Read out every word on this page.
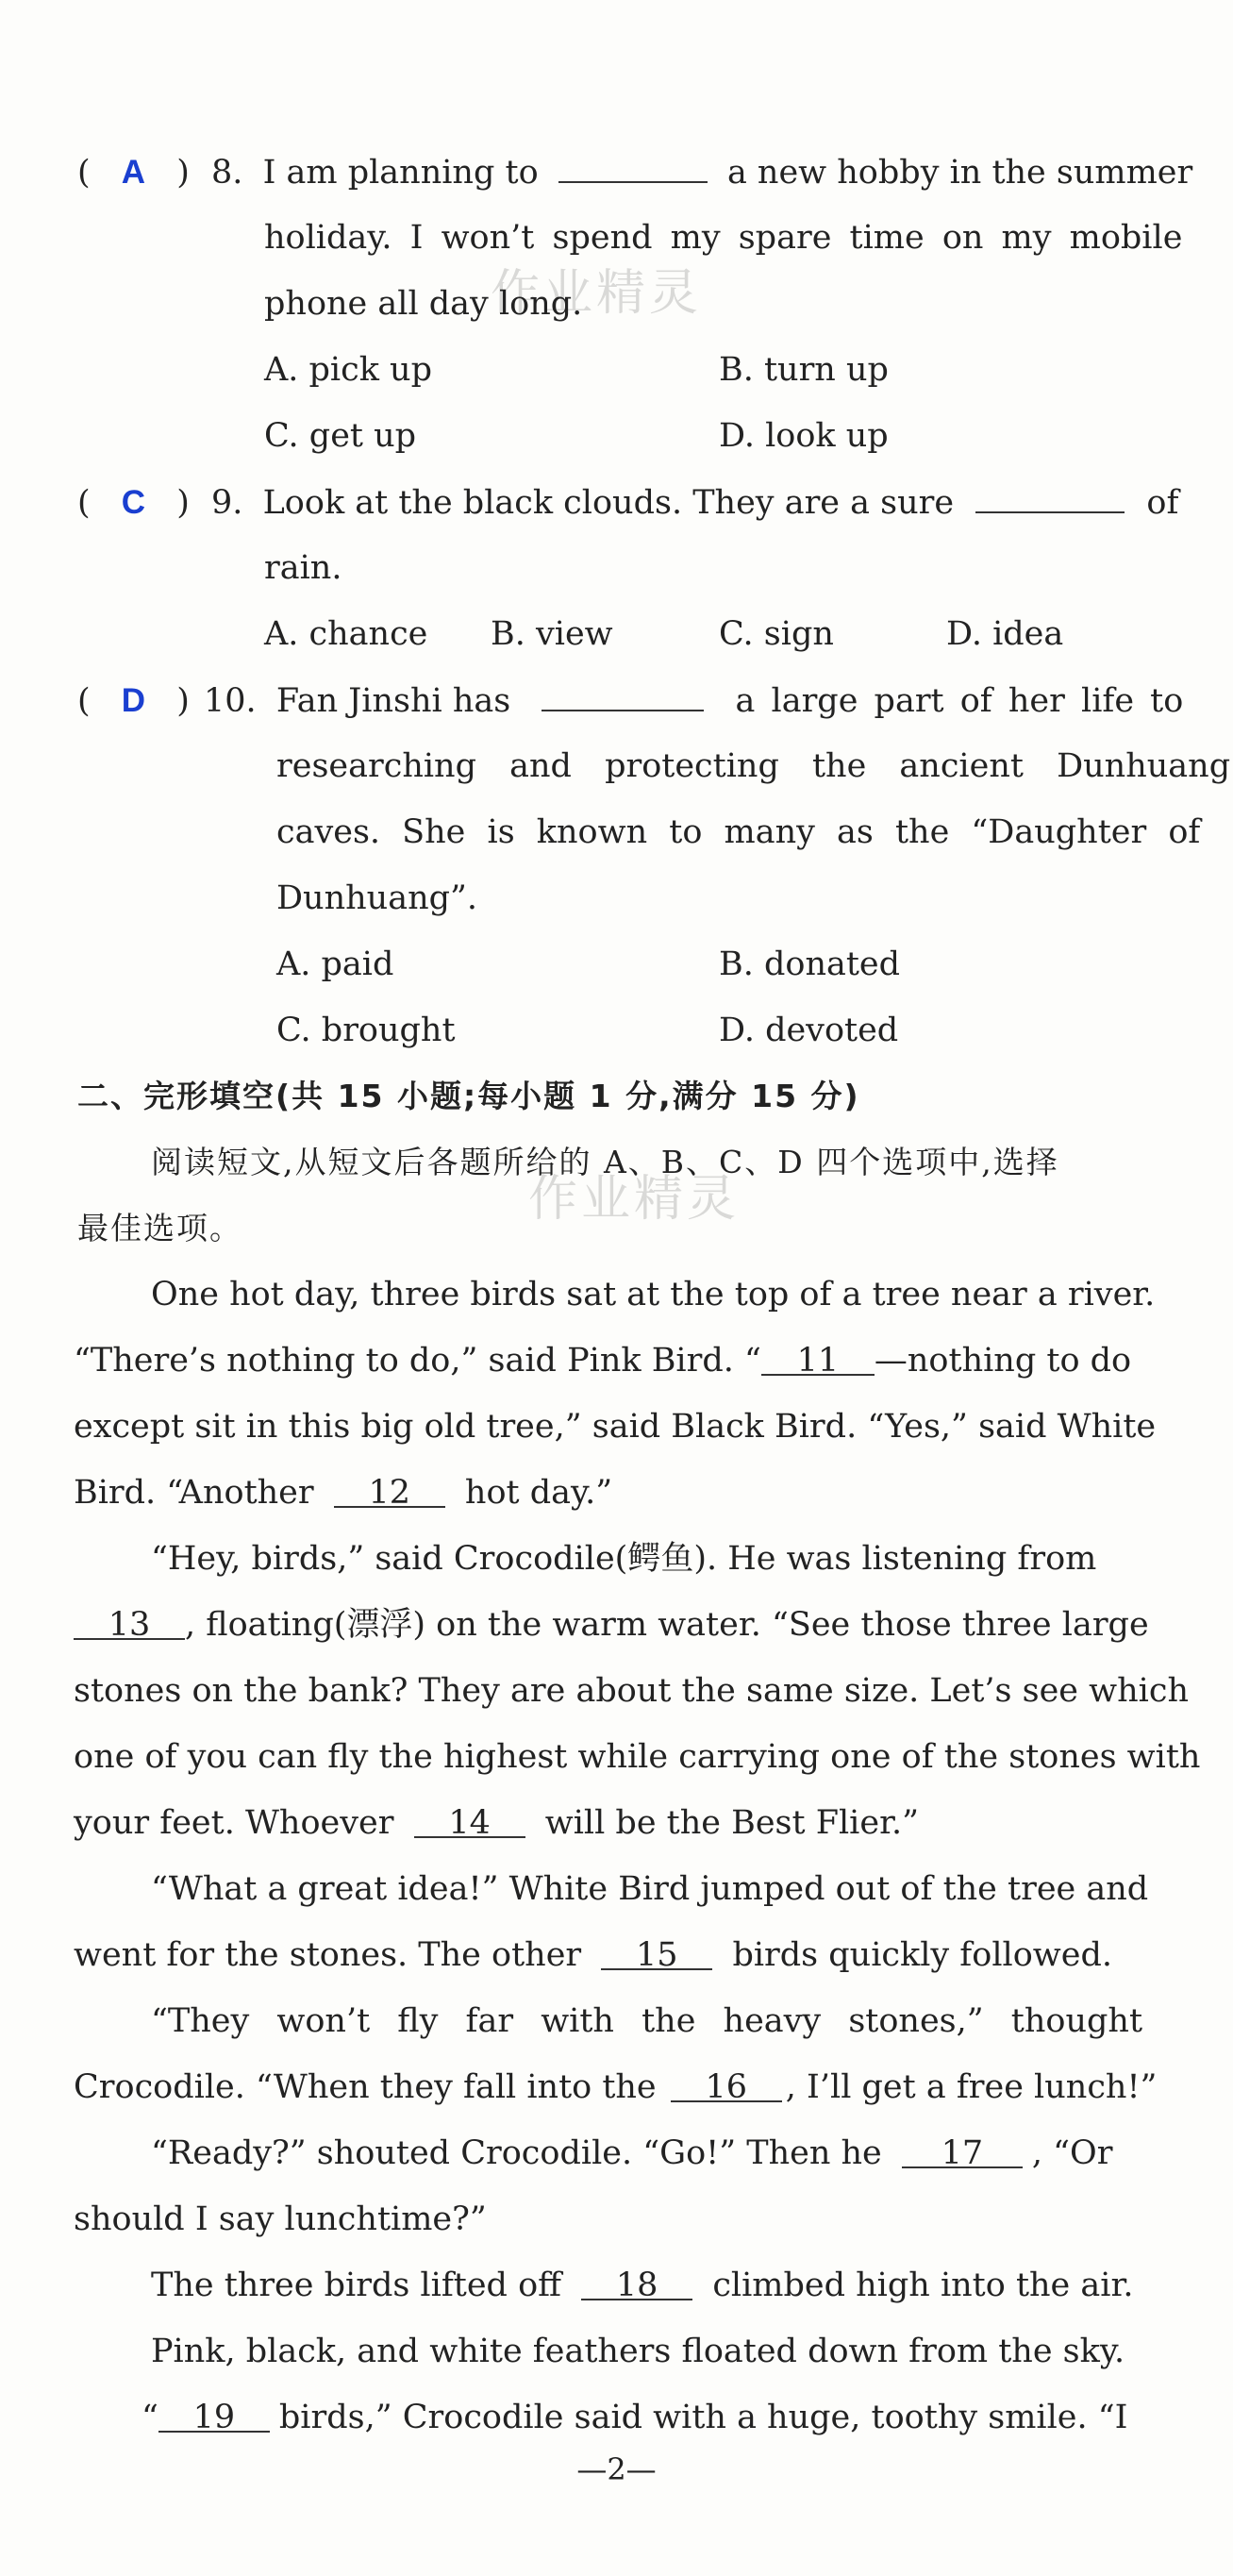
作业精灵
作业精灵
( A ) 8. I am planning to	a new hobby in the summer
holiday. I won’t spend my spare time on my mobile
phone all day long.
A. pick up	B. turn up
C. get up	D. look up
( C ) 9. Look at the black clouds. They are a sure	of
rain.
A. chance B. view	C. sign	D. idea
( D ) 10. Fan Jinshi has	a large part of her life to
researching and protecting the ancient Dunhuang
caves. She is known to many as the “Daughter of
Dunhuang”.
A. paid	B. donated
C. brought	D. devoted
二、完形填空(共 15 小题;每小题 1 分,满分 15 分)
阅读短文,从短文后各题所给的 A、B、C、D 四个选项中,选择
最佳选项。
One hot day, three birds sat at the top of a tree near a river.
“There’s nothing to do,” said Pink Bird. “ 11 —nothing to do
except sit in this big old tree,” said Black Bird. “Yes,” said White
Bird. “Another 12 hot day.”
“Hey, birds,” said Crocodile(鳄鱼). He was listening from
13 , floating(漂浮) on the warm water. “See those three large
stones on the bank? They are about the same size. Let’s see which
one of you can fly the highest while carrying one of the stones with
your feet. Whoever 14 will be the Best Flier.”
“What a great idea!” White Bird jumped out of the tree and
went for the stones. The other 15 birds quickly followed.
“They won’t fly far with the heavy stones,” thought
Crocodile. “When they fall into the 16 , I’ll get a free lunch!”
“Ready?” shouted Crocodile. “Go!” Then he 17 , “Or
should I say lunchtime?”
The three birds lifted off 18 climbed high into the air.
Pink, black, and white feathers floated down from the sky.
“ 19 birds,” Crocodile said with a huge, toothy smile. “I
—2—
